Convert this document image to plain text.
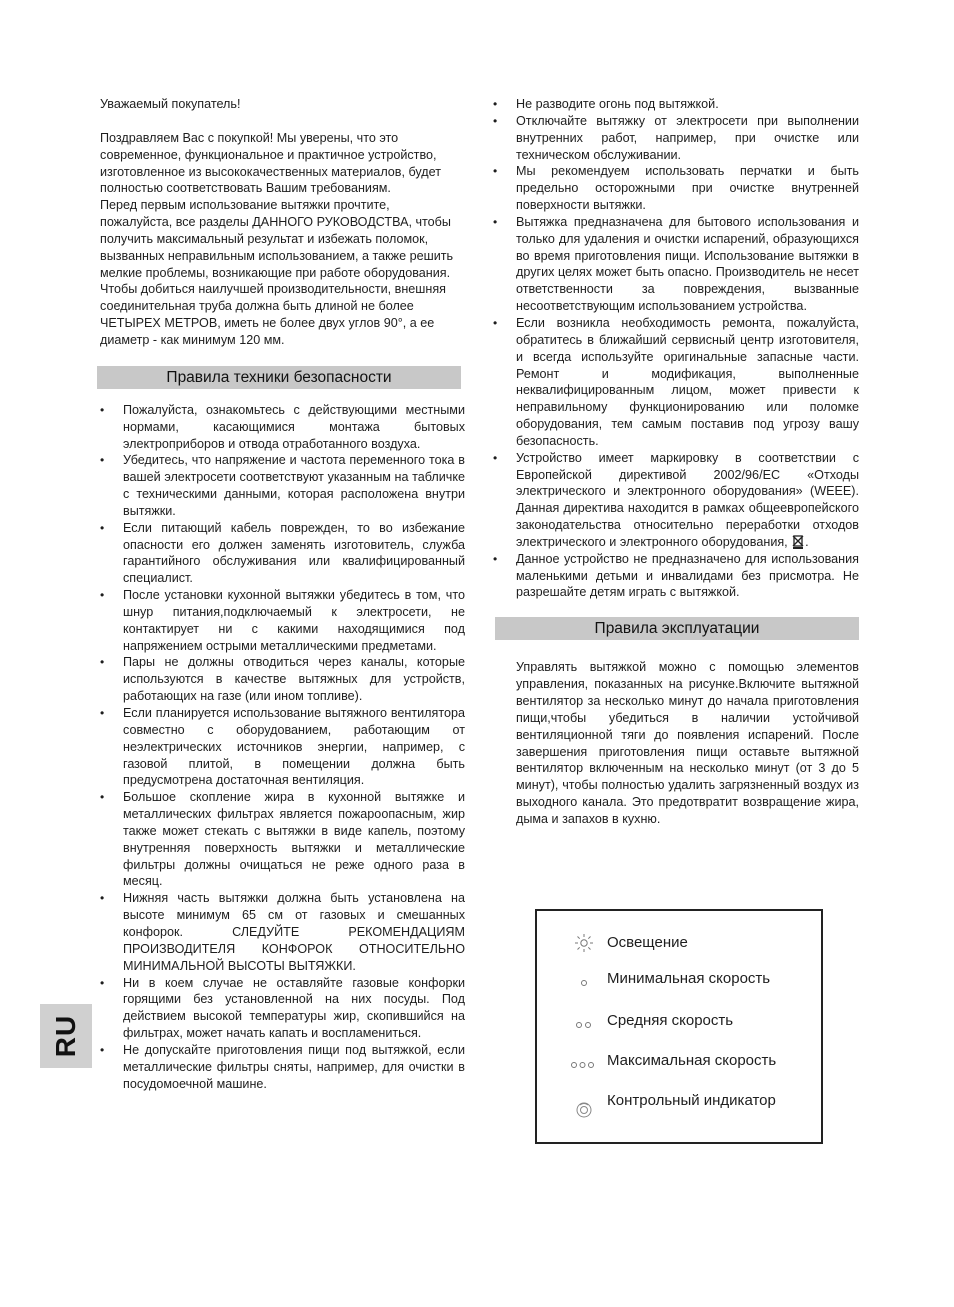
Уважаемый покупатель!

Поздравляем Вас с покупкой! Мы уверены, что это современное, функциональное и практичное устройство, изготовленное из высококачественных материалов, будет полностью соответствовать Вашим требованиям.

Перед первым использование вытяжки прочтите, пожалуйста, все разделы ДАННОГО РУКОВОДСТВА, чтобы получить максимальный результат и избежать поломок, вызванных неправильным использованием, а также решить мелкие проблемы, возникающие при работе оборудования.

Чтобы добиться наилучшей производительности, внешняя соединительная труба должна быть длиной не более ЧЕТЫРЕХ МЕТРОВ, иметь не более двух углов 90°, а ее диаметр - как минимум 120 мм.

Правила техники безопасности
• Пожалуйста, ознакомьтесь с действующими местными нормами, касающимися монтажа бытовых электроприборов и отвода отработанного воздуха.
• Убедитесь, что напряжение и частота переменного тока в вашей электросети соответствуют указанным на табличке с техническими данными, которая расположена внутри вытяжки.
• Если питающий кабель поврежден, то во избежание опасности его должен заменять изготовитель, служба гарантийного обслуживания или квалифицированный специалист.
• После установки кухонной вытяжки убедитесь в том, что шнур питания,подключаемый к электросети, не контактирует ни с какими находящимися под напряжением острыми металлическими предметами.
• Пары не должны отводиться через каналы, которые используются в качестве вытяжных для устройств, работающих на газе (или ином топливе).
• Если планируется использование вытяжного вентилятора совместно с оборудованием, работающим от неэлектрических источников энергии, например, с газовой плитой, в помещении должна быть предусмотрена достаточная вентиляция.
• Большое скопление жира в кухонной вытяжке и металлических фильтрах является пожароопасным, жир также может стекать с вытяжки в виде капель, поэтому внутренняя поверхность вытяжки и металлические фильтры должны очищаться не реже одного раза в месяц.
• Нижняя часть вытяжки должна быть установлена на высоте минимум 65 см от газовых и смешанных конфорок. СЛЕДУЙТЕ РЕКОМЕНДАЦИЯМ ПРОИЗВОДИТЕЛЯ КОНФОРОК ОТНОСИТЕЛЬНО МИНИМАЛЬНОЙ ВЫСОТЫ ВЫТЯЖКИ.
• Ни в коем случае не оставляйте газовые конфорки горящими без установленной на них посуды. Под действием высокой температуры жир, скопившийся на фильтрах, может начать капать и воспламениться.
• Не допускайте приготовления пищи под вытяжкой, если металлические фильтры сняты, например, для очистки в посудомоечной машине.
• Не разводите огонь под вытяжкой.
• Отключайте вытяжку от электросети при выполнении внутренних работ, например, при очистке или техническом обслуживании.
• Мы рекомендуем использовать перчатки и быть предельно осторожными при очистке внутренней поверхности вытяжки.
• Вытяжка предназначена для бытового использования и только для удаления и очистки испарений, образующихся во время приготовления пищи. Использование вытяжки в других целях может быть опасно. Производитель не несет ответственности за повреждения, вызванные несоответствующим использованием устройства.
• Если возникла необходимость ремонта, пожалуйста, обратитесь в ближайший сервисный центр изготовителя, и всегда используйте оригинальные запасные части. Ремонт и модификация, выполненные неквалифицированным лицом, может привести к неправильному функционированию или поломке оборудования, тем самым поставив под угрозу вашу безопасность.
• Устройство имеет маркировку в соответствии с Европейской директивой 2002/96/ЕС «Отходы электрического и электронного оборудования» (WEEE). Данная директива находится в рамках общеевропейского законодательства относительно переработки отходов электрического и электронного оборудования, .
• Данное устройство не предназначено для использования маленькими детьми и инвалидами без присмотра. Не разрешайте детям играть с вытяжкой.
Правила эксплуатации

Управлять вытяжкой можно с помощью элементов управления, показанных на рисунке.Включите вытяжной вентилятор за несколько минут до начала приготовления пищи,чтобы убедиться в наличии устойчивой вентиляционной тяги до появления испарений. После завершения приготовления пищи оставьте вытяжной вентилятор включенным на несколько минут (от 3 до 5 минут), чтобы полностью удалить загрязненный воздух из выходного канала. Это предотвратит возвращение жира, дыма и запахов в кухню.

RU
Освещение
Минимальная скорость
Средняя скорость
Максимальная скорость
Контрольный индикатор
